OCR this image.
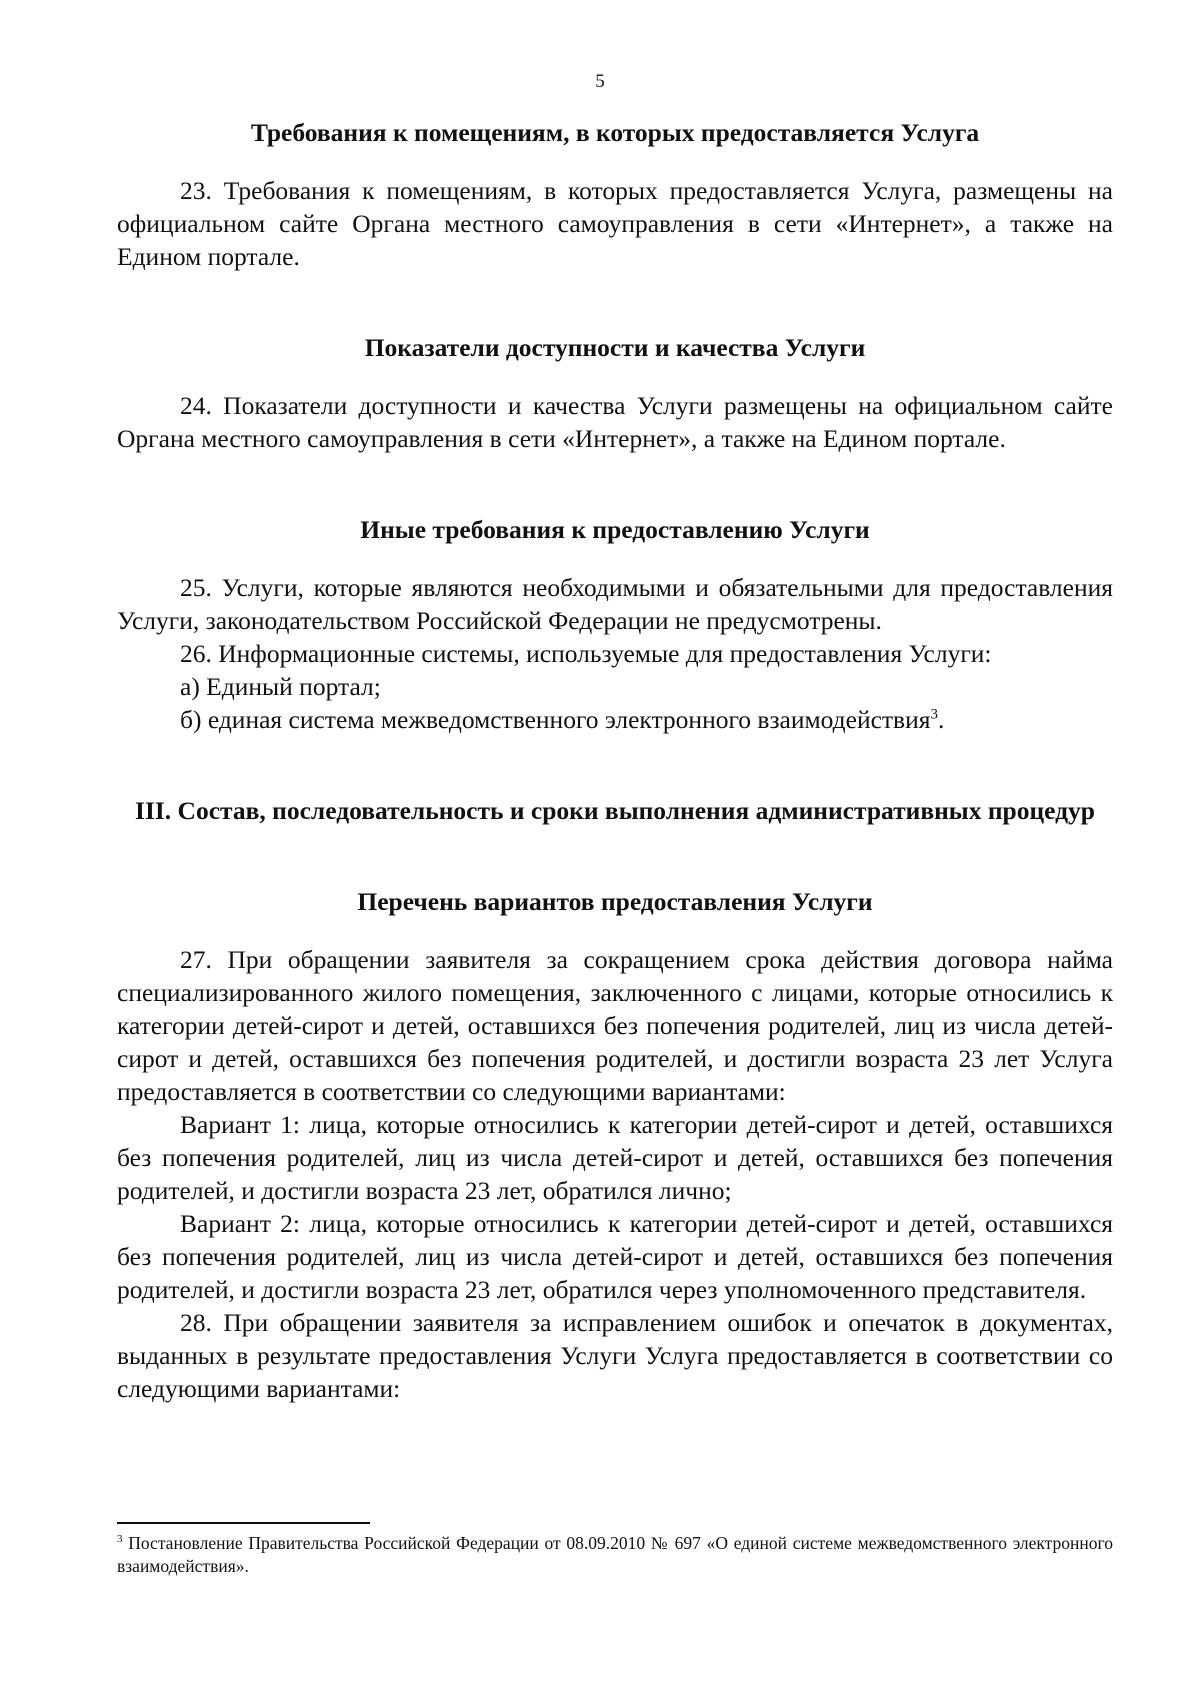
5
Требования к помещениям, в которых предоставляется Услуга

23. Требования к помещениям, в которых предоставляется Услуга, размещены на официальном сайте Органа местного самоуправления в сети «Интернет», а также на Едином портале.

Показатели доступности и качества Услуги

24. Показатели доступности и качества Услуги размещены на официальном сайте Органа местного самоуправления в сети «Интернет», а также на Едином портале.

Иные требования к предоставлению Услуги

25. Услуги, которые являются необходимыми и обязательными для предоставления Услуги, законодательством Российской Федерации не предусмотрены.

26. Информационные системы, используемые для предоставления Услуги:

а) Единый портал;

б) единая система межведомственного электронного взаимодействия$^3$.

III. Состав, последовательность и сроки выполнения административных процедур
Перечень вариантов предоставления Услуги

27. При обращении заявителя за сокращением срока действия договора найма специализированного жилого помещения, заключенного с лицами, которые относились к категории детей-сирот и детей, оставшихся без попечения родителей, лиц из числа детей-сирот и детей, оставшихся без попечения родителей, и достигли возраста 23 лет Услуга предоставляется в соответствии со следующими вариантами:

Вариант 1: лица, которые относились к категории детей-сирот и детей, оставшихся без попечения родителей, лиц из числа детей-сирот и детей, оставшихся без попечения родителей, и достигли возраста 23 лет, обратился лично;

Вариант 2: лица, которые относились к категории детей-сирот и детей, оставшихся без попечения родителей, лиц из числа детей-сирот и детей, оставшихся без попечения родителей, и достигли возраста 23 лет, обратился через уполномоченного представителя.

28. При обращении заявителя за исправлением ошибок и опечаток в документах, выданных в результате предоставления Услуги Услуга предоставляется в соответствии со следующими вариантами:

$^3$ Постановление Правительства Российской Федерации от 08.09.2010 № 697 «О единой системе межведомственного электронного взаимодействия».
